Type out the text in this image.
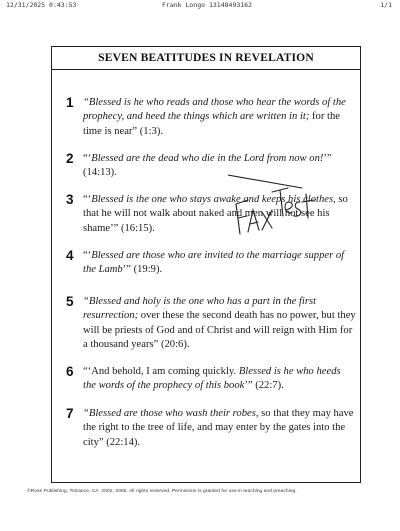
12/31/2025 0:43:53	Frank Longo 13148493162	1/1
SEVEN BEATITUDES IN REVELATION
1 “Blessed is he who reads and those who hear the words of the prophecy, and heed the things which are written in it; for the time is near” (1:3).
2 “‘Blessed are the dead who die in the Lord from now on!’” (14:13).
3 “‘Blessed is the one who stays awake and keeps his clothes, so that he will not walk about naked and men will not see his shame’” (16:15).
4 “‘Blessed are those who are invited to the marriage supper of the Lamb’” (19:9).
5 “Blessed and holy is the one who has a part in the first resurrection; over these the second death has no power, but they will be priests of God and of Christ and will reign with Him for a thousand years” (20:6).
6 “‘And behold, I am coming quickly. Blessed is he who heeds the words of the prophecy of this book’” (22:7).
7 “Blessed are those who wash their robes, so that they may have the right to the tree of life, and may enter by the gates into the city” (22:14).
©Rose Publishing, Torrance, CA. 2002, 2005. All rights reserved. Permission is granted for use in teaching and preaching.
